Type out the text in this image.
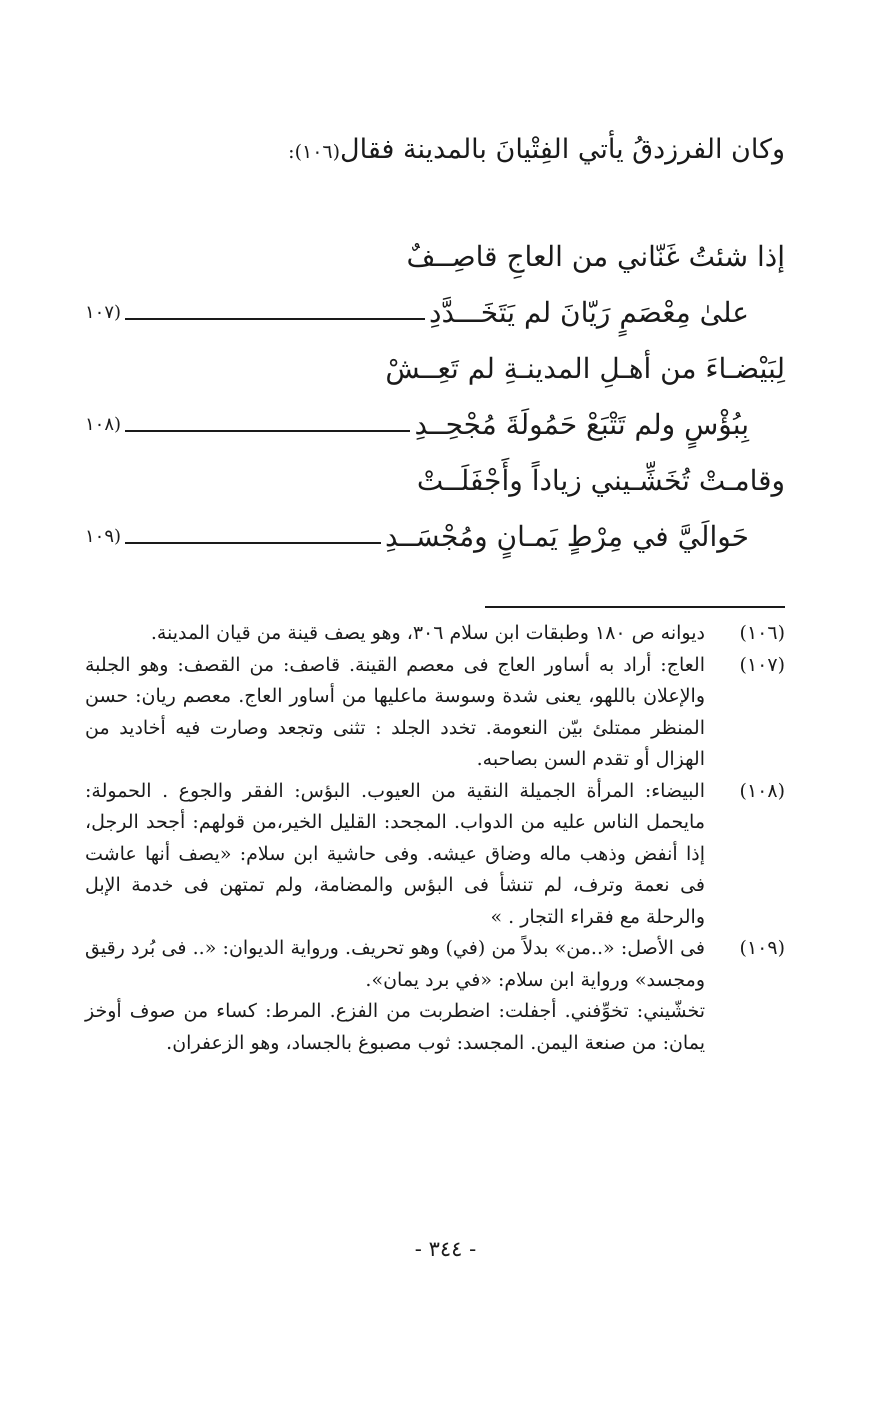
وكان الفرزدقُ يأتي الفِتْيانَ بالمدينة فقال(١٠٦):
إذا شئتُ غَنّاني من العاجِ قاصِــفٌ
علىٰ مِعْصَمٍ رَيّانَ لم يَتَخَـــدَّدِ
(١٠٧
لِبَيْضـاءَ من أهـلِ المدينـةِ لم تَعِــشْ
بِبُؤْسٍ ولم تَتْبَعْ حَمُولَةَ مُجْحِــدِ
(١٠٨
وقامـتْ تُخَشِّـيني زياداً وأَجْفَلَــتْ
حَوالَيَّ في مِرْطٍ يَمـانٍ ومُجْسَــدِ
(١٠٩
(١٠٦)
ديوانه ص ١٨٠ وطبقات ابن سلام ٣٠٦، وهو يصف قينة من قيان المدينة.
(١٠٧)
العاج: أراد به أساور العاج فى معصم القينة. قاصف: من القصف: وهو الجلبة والإعلان باللهو، يعنى شدة وسوسة ماعليها من أساور العاج. معصم ريان: حسن المنظر ممتلئ بيّن النعومة. تخدد الجلد : تثنى وتجعد وصارت فيه أخاديد من الهزال أو تقدم السن بصاحبه.
(١٠٨)
البيضاء: المرأة الجميلة النقية من العيوب. البؤس: الفقر والجوع . الحمولة: مايحمل الناس عليه من الدواب. المجحد: القليل الخير،من قولهم: أجحد الرجل، إذا أنفض وذهب ماله وضاق عيشه. وفى حاشية ابن سلام: «يصف أنها عاشت فى نعمة وترف، لم تنشأ فى البؤس والمضامة، ولم تمتهن فى خدمة الإبل والرحلة مع فقراء التجار . »
(١٠٩)
فى الأصل: «..من» بدلاً من (في) وهو تحريف. ورواية الديوان: «.. فى بُرد رقيق ومجسد» ورواية ابن سلام: «في برد يمان».
تخشّيني: تخوِّفني. أجفلت: اضطربت من الفزع. المرط: كساء من صوف أوخز يمان: من صنعة اليمن. المجسد: ثوب مصبوغ بالجساد، وهو الزعفران.
- ٣٤٤ -
